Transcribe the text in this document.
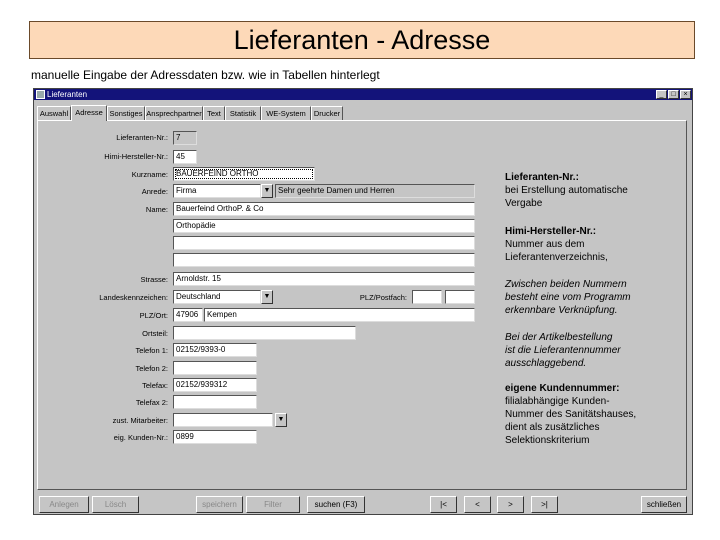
Lieferanten - Adresse
manuelle Eingabe der Adressdaten bzw. wie in Tabellen hinterlegt
Lieferanten	_	□	×
Auswahl Adresse Sonstiges Ansprechpartner Text	Statistik	WE-System	Drucker
Lieferanten-Nr.:	7
Himi-Hersteller-Nr.:	45
Kurzname:	BAUERFEIND ORTHO
Anrede:	Firma	▼ Sehr geehrte Damen und Herren
Name:	Bauerfeind OrthoP. & Co
Orthopädie
Strasse:	Arnoldstr. 15
Landeskennzeichen:	Deutschland	▼	PLZ/Postfach:
PLZ/Ort:	47906	Kempen
Ortsteil:
Telefon 1:	02152/9393-0
Telefon 2:
Telefax:	02152/939312
Telefax 2:
zust. Mitarbeiter:	▼
eig. Kunden-Nr.:	0899
Anlegen	Lösch	speichern	Filter	suchen (F3)	|<	<	>	>|	schließen
Lieferanten-Nr.:
bei Erstellung automatische
Vergabe
Himi-Hersteller-Nr.:
Nummer aus dem
Lieferantenverzeichnis,
Zwischen beiden Nummern
besteht eine vom Programm
erkennbare Verknüpfung.
Bei der Artikelbestellung
ist die Lieferantennummer
ausschlaggebend.
eigene Kundennummer:
filialabhängige Kunden-
Nummer des Sanitätshauses,
dient als zusätzliches
Selektionskriterium
